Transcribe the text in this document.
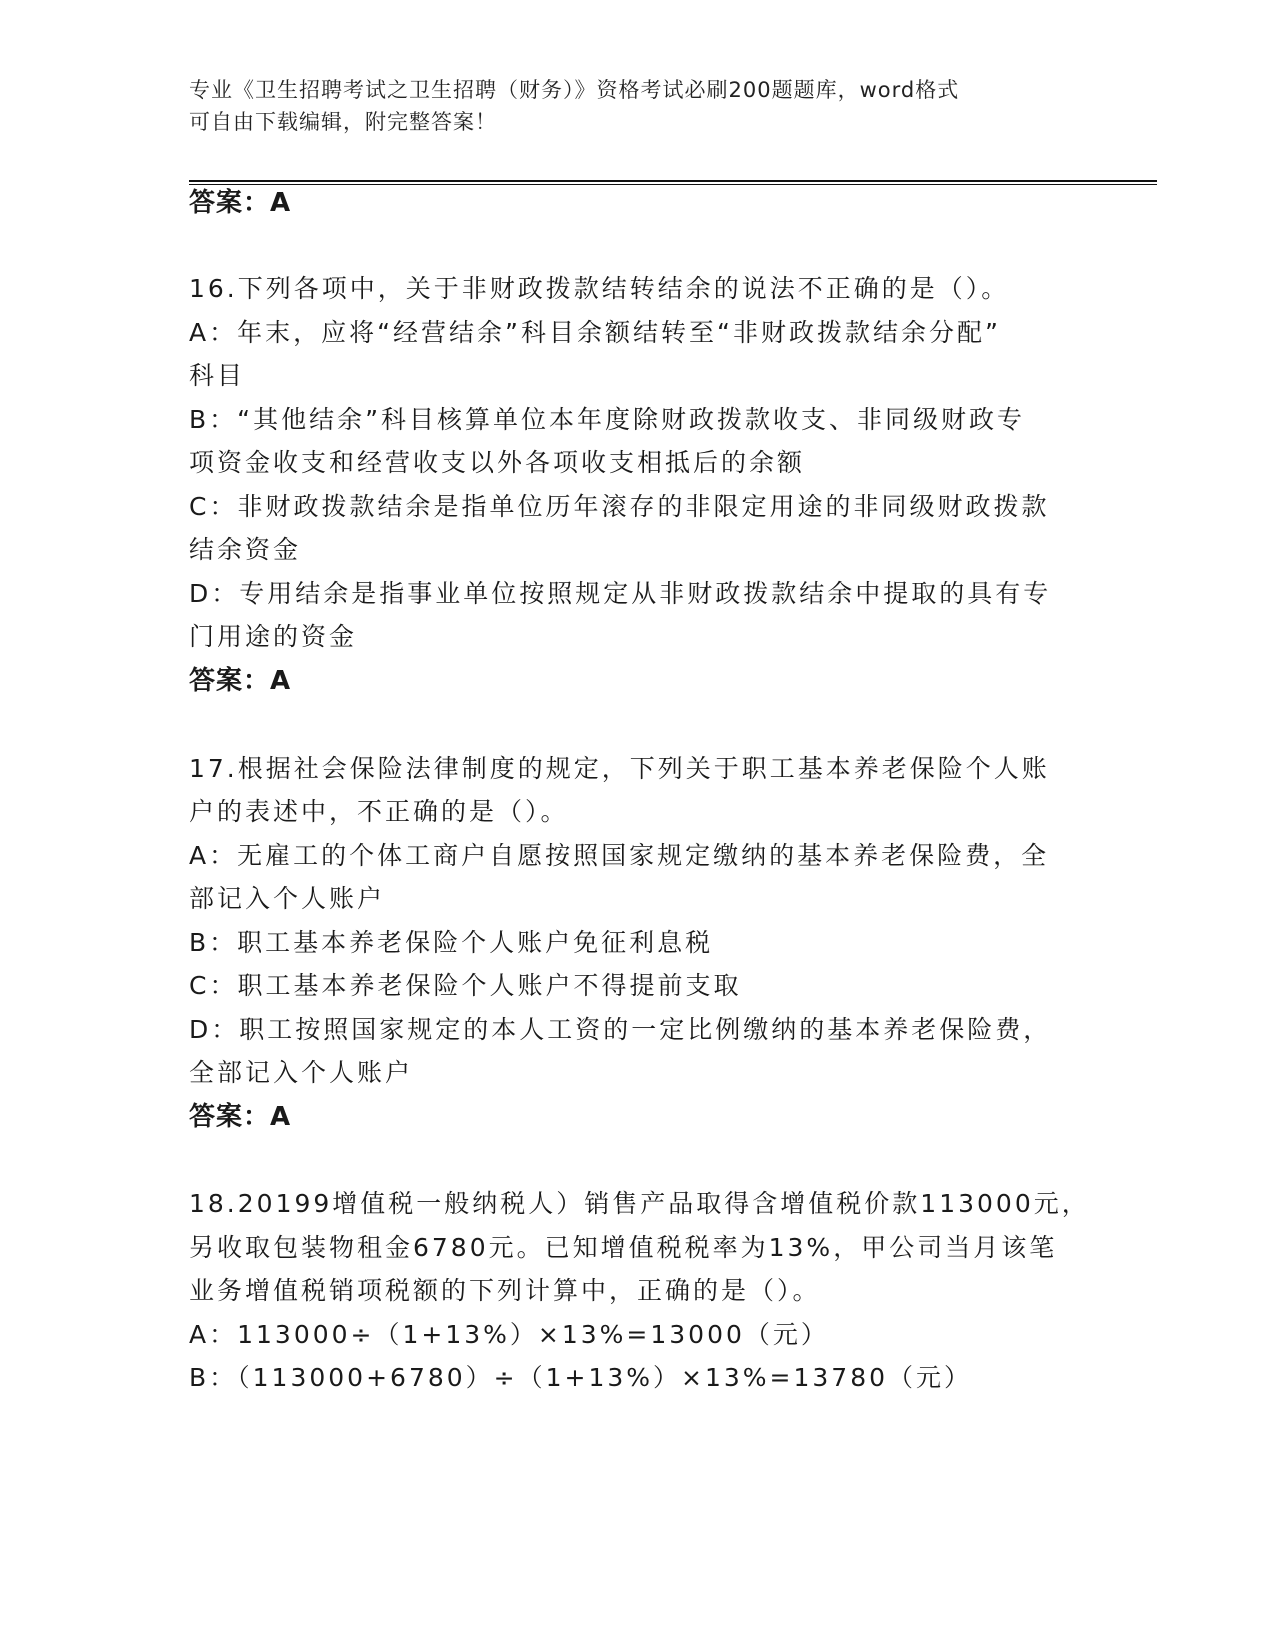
专业《卫生招聘考试之卫生招聘（财务）》资格考试必刷200题题库，word格式
可自由下载编辑，附完整答案！
答案：A
16.下列各项中，关于非财政拨款结转结余的说法不正确的是（）。
A：年末，应将“经营结余”科目余额结转至“非财政拨款结余分配”
科目
B：“其他结余”科目核算单位本年度除财政拨款收支、非同级财政专
项资金收支和经营收支以外各项收支相抵后的余额
C：非财政拨款结余是指单位历年滚存的非限定用途的非同级财政拨款
结余资金
D：专用结余是指事业单位按照规定从非财政拨款结余中提取的具有专
门用途的资金
答案：A
17.根据社会保险法律制度的规定，下列关于职工基本养老保险个人账
户的表述中，不正确的是（）。
A：无雇工的个体工商户自愿按照国家规定缴纳的基本养老保险费，全
部记入个人账户
B：职工基本养老保险个人账户免征利息税
C：职工基本养老保险个人账户不得提前支取
D：职工按照国家规定的本人工资的一定比例缴纳的基本养老保险费，
全部记入个人账户
答案：A
18.20199增值税一般纳税人）销售产品取得含增值税价款113000元，
另收取包装物租金6780元。已知增值税税率为13%，甲公司当月该笔
业务增值税销项税额的下列计算中，正确的是（）。
A：113000÷（1+13%）×13%=13000（元）
B：（113000+6780）÷（1+13%）×13%=13780（元）
